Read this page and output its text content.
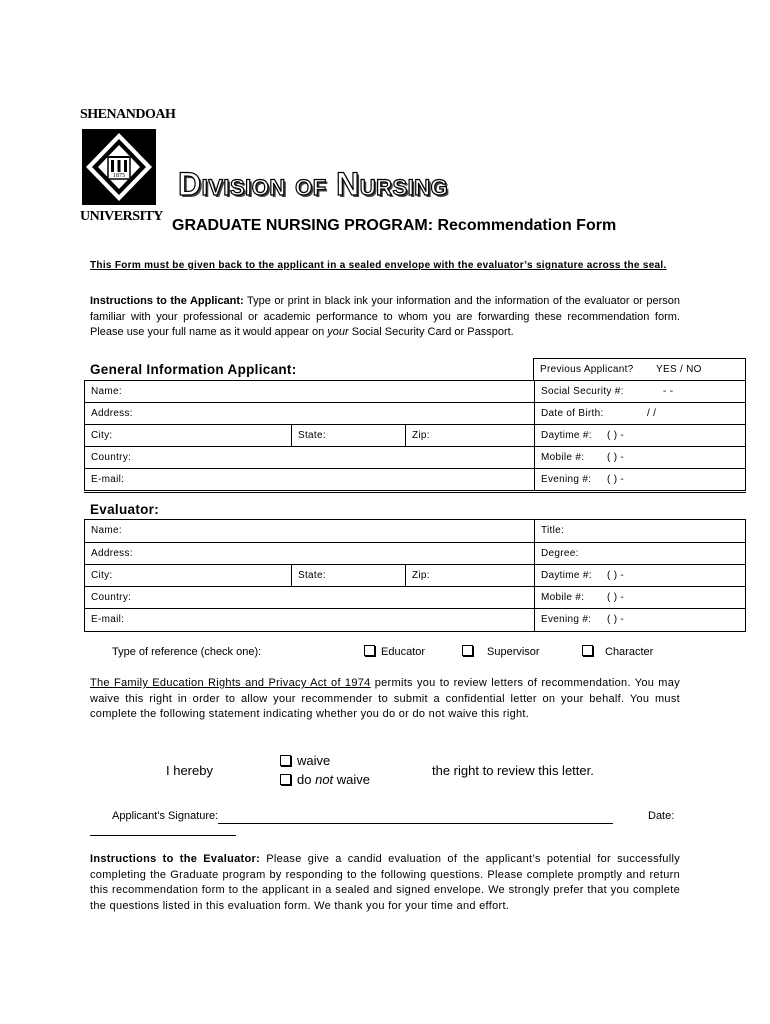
SHENANDOAH
1875
UNIVERSITY
Division of Nursing
GRADUATE NURSING PROGRAM: Recommendation Form
This Form must be given back to the applicant in a sealed envelope with the evaluator’s signature across the seal.
Instructions to the Applicant: Type or print in black ink your information and the information of the evaluator or person familiar with your professional or academic performance to whom you are forwarding these recommendation form. Please use your full name as it would appear on your Social Security Card or Passport.
General Information Applicant:	Previous Applicant? YES / NO
Name:	Social Security #:	- -
Address:	Date of Birth:	/ /
City:	State:	Zip:	Daytime #: ( ) -
Country:	Mobile #: ( ) -
E-mail:	Evening #: ( ) -
Evaluator:
Name:	Title:
Address:	Degree:
City:	State:	Zip:	Daytime #: ( ) -
Country:	Mobile #: ( ) -
E-mail:	Evening #: ( ) -
Type of reference (check one):	Educator	Supervisor	Character
The Family Education Rights and Privacy Act of 1974 permits you to review letters of recommendation. You may waive this right in order to allow your recommender to submit a confidential letter on your behalf. You must complete the following statement indicating whether you do or do not waive this right.
I hereby
waive
do not waive
the right to review this letter.
Applicant’s Signature:	Date:
Instructions to the Evaluator: Please give a candid evaluation of the applicant’s potential for successfully completing the Graduate program by responding to the following questions. Please complete promptly and return this recommendation form to the applicant in a sealed and signed envelope. We strongly prefer that you complete the questions listed in this evaluation form. We thank you for your time and effort.
